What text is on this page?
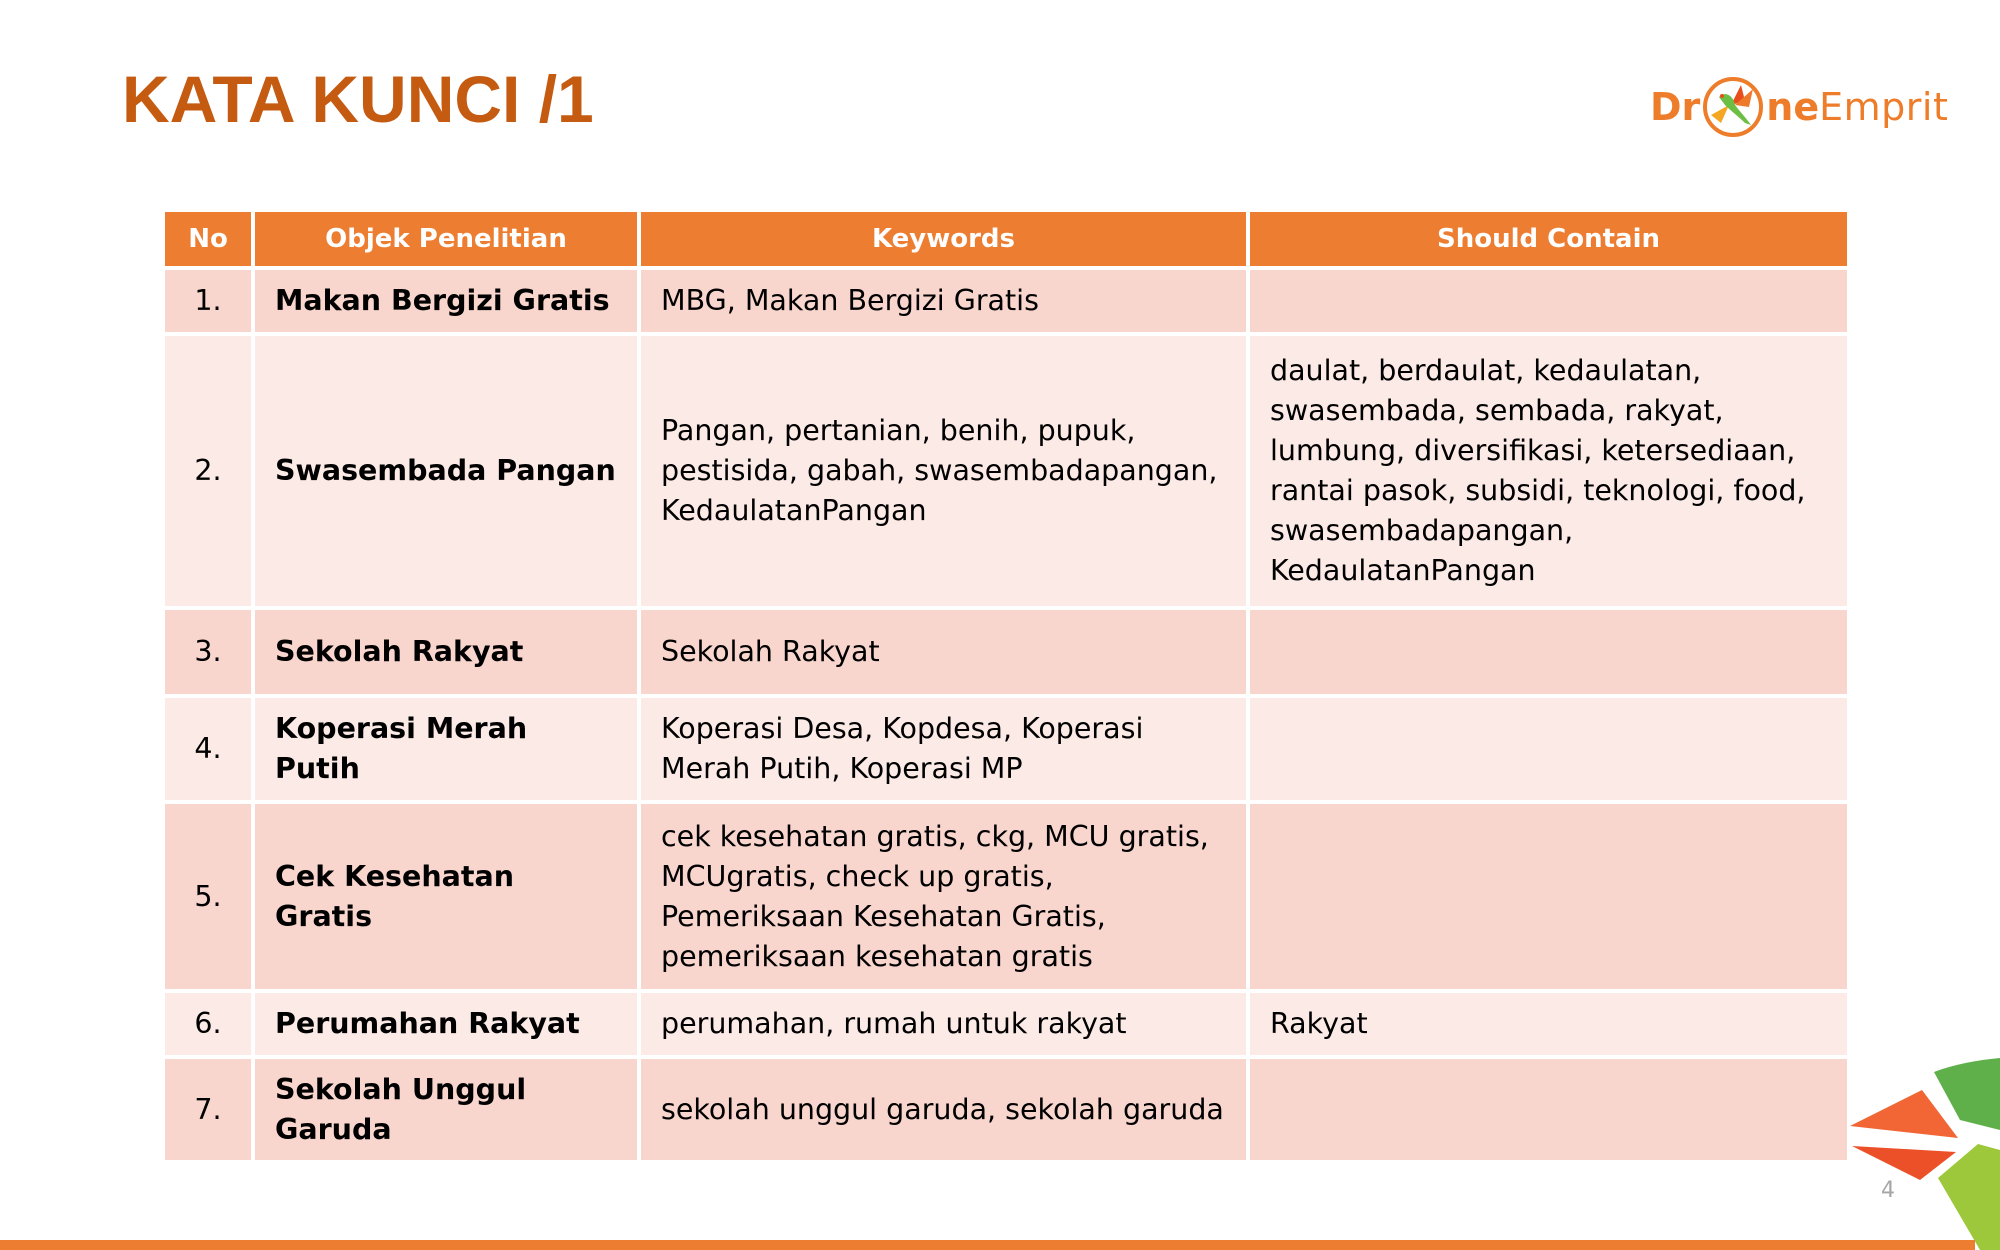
KATA KUNCI /1	Dr ne Emprit
No	Objek Penelitian	Keywords	Should Contain
1.	Makan Bergizi Gratis	MBG, Makan Bergizi Gratis	
2.	Swasembada Pangan	Pangan, pertanian, benih, pupuk, pestisida, gabah, swasembadapangan, KedaulatanPangan	daulat, berdaulat, kedaulatan, swasembada, sembada, rakyat, lumbung, diversifikasi, ketersediaan, rantai pasok, subsidi, teknologi, food, swasembadapangan, KedaulatanPangan
3.	Sekolah Rakyat	Sekolah Rakyat	
4.	Koperasi Merah Putih	Koperasi Desa, Kopdesa, Koperasi Merah Putih, Koperasi MP	
5.	Cek Kesehatan Gratis	cek kesehatan gratis, ckg, MCU gratis, MCUgratis, check up gratis, Pemeriksaan Kesehatan Gratis, pemeriksaan kesehatan gratis	
6.	Perumahan Rakyat	perumahan, rumah untuk rakyat	Rakyat
7.	Sekolah Unggul Garuda	sekolah unggul garuda, sekolah garuda	
4
